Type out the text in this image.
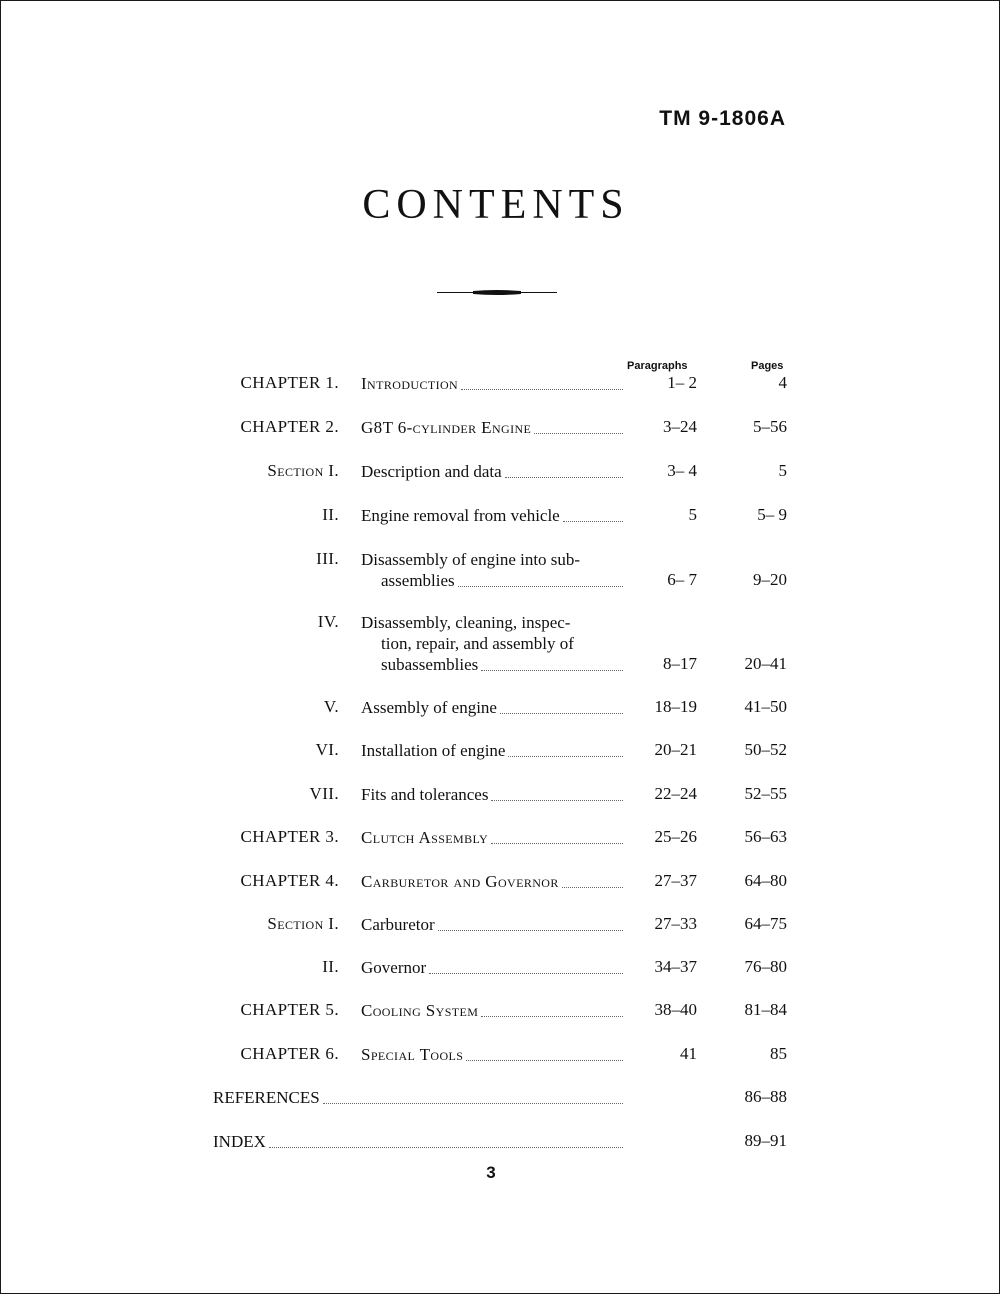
TM 9-1806A
CONTENTS
Paragraphs	Pages
CHAPTER 1. Introduction	1– 2	4
CHAPTER 2. G8T 6-cylinder Engine	3–24	5–56
Section I. Description and data	3– 4	5
II. Engine removal from vehicle	5	5– 9
III. Disassembly of engine into sub-
assemblies	6– 7	9–20
IV. Disassembly, cleaning, inspec-
tion, repair, and assembly of
subassemblies	8–17	20–41
V. Assembly of engine	18–19	41–50
VI. Installation of engine	20–21	50–52
VII. Fits and tolerances	22–24	52–55
CHAPTER 3. Clutch Assembly	25–26	56–63
CHAPTER 4. Carburetor and Governor	27–37	64–80
Section I. Carburetor	27–33	64–75
II. Governor	34–37	76–80
CHAPTER 5. Cooling System	38–40	81–84
CHAPTER 6. Special Tools	41	85
REFERENCES	86–88
INDEX	89–91
3
